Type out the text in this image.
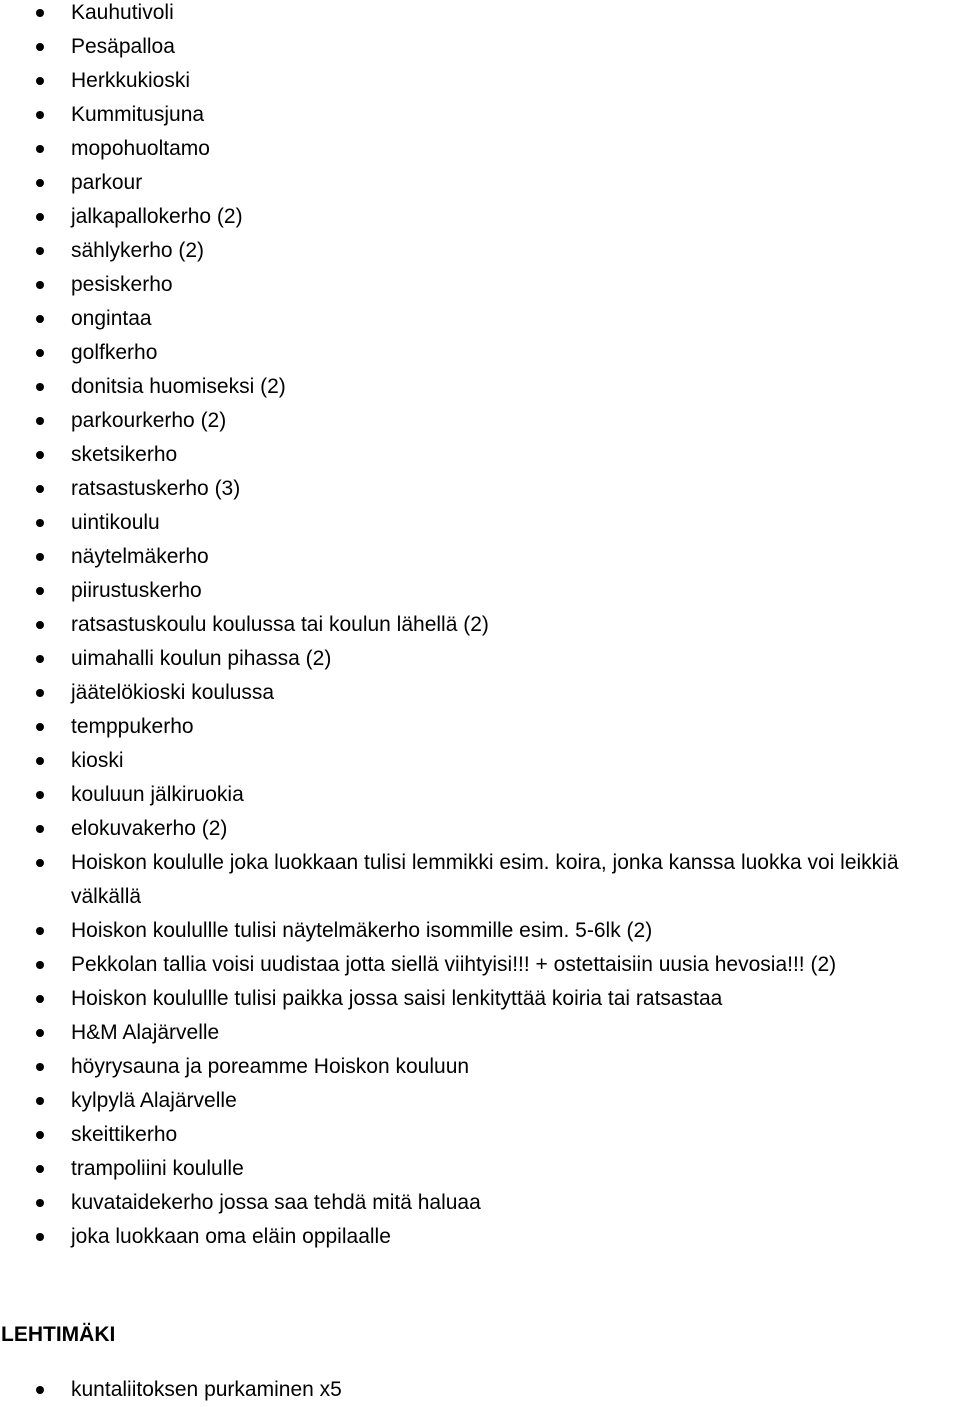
Kauhutivoli
Pesäpalloa
Herkkukioski
Kummitusjuna
mopohuoltamo
parkour
jalkapallokerho (2)
sählykerho (2)
pesiskerho
ongintaa
golfkerho
donitsia huomiseksi (2)
parkourkerho (2)
sketsikerho
ratsastuskerho (3)
uintikoulu
näytelmäkerho
piirustuskerho
ratsastuskoulu koulussa tai koulun lähellä (2)
uimahalli koulun pihassa (2)
jäätelökioski koulussa
temppukerho
kioski
kouluun jälkiruokia
elokuvakerho (2)
Hoiskon koululle joka luokkaan tulisi lemmikki esim. koira, jonka kanssa luokka voi leikkiä välkällä
Hoiskon koulullle tulisi näytelmäkerho isommille esim. 5-6lk (2)
Pekkolan tallia voisi uudistaa jotta siellä viihtyisi!!! + ostettaisiin uusia hevosia!!! (2)
Hoiskon koulullle tulisi paikka jossa saisi lenkityttää koiria tai ratsastaa
H&M Alajärvelle
höyrysauna ja poreamme Hoiskon kouluun
kylpylä Alajärvelle
skeittikerho
trampoliini koululle
kuvataidekerho jossa saa tehdä mitä haluaa
joka luokkaan oma eläin oppilaalle
LEHTIMÄKI
kuntaliitoksen purkaminen x5
